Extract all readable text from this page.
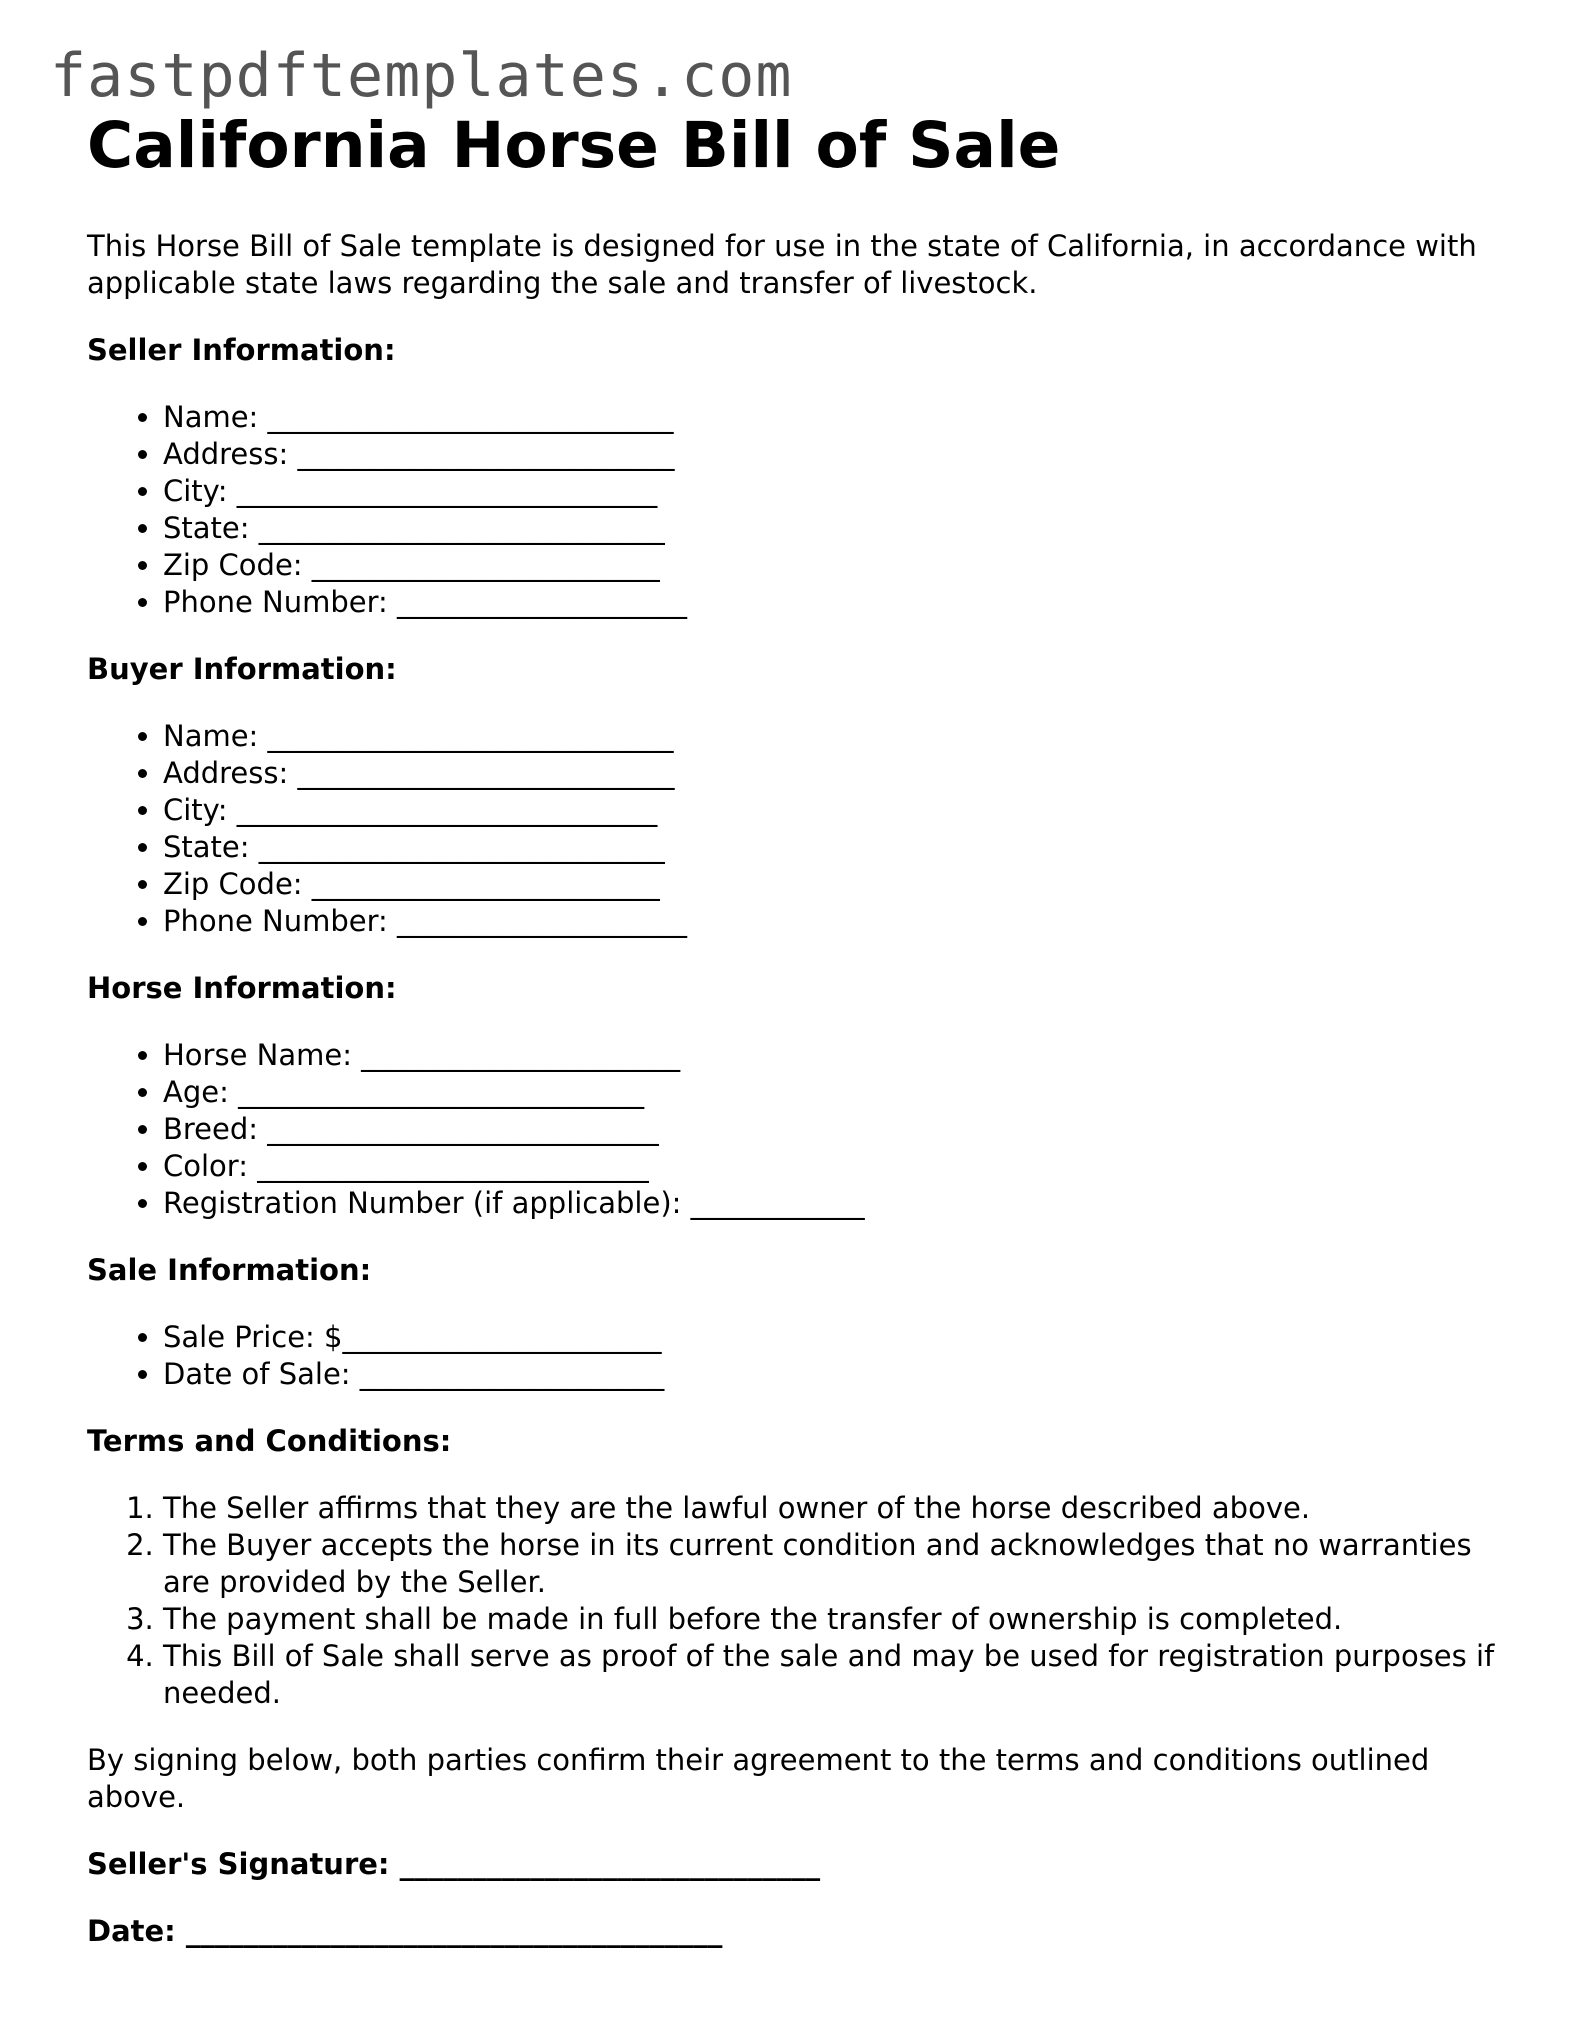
fastpdftemplates.com
California Horse Bill of Sale

This Horse Bill of Sale template is designed for use in the state of California, in accordance with applicable state laws regarding the sale and transfer of livestock.

Seller Information:
• Name: ____________________________
• Address: __________________________
• City: _____________________________
• State: ____________________________
• Zip Code: ________________________
• Phone Number: ____________________
Buyer Information:
• Name: ____________________________
• Address: __________________________
• City: _____________________________
• State: ____________________________
• Zip Code: ________________________
• Phone Number: ____________________
Horse Information:
• Horse Name: ______________________
• Age: ____________________________
• Breed: ___________________________
• Color: ___________________________
• Registration Number (if applicable): ____________
Sale Information:
• Sale Price: $______________________
• Date of Sale: _____________________
Terms and Conditions:
1. The Seller affirms that they are the lawful owner of the horse described above.
2. The Buyer accepts the horse in its current condition and acknowledges that no warranties are provided by the Seller.
3. The payment shall be made in full before the transfer of ownership is completed.
4. This Bill of Sale shall serve as proof of the sale and may be used for registration purposes if needed.

By signing below, both parties confirm their agreement to the terms and conditions outlined above.

Seller's Signature: _____________________________

Date: _____________________________________
